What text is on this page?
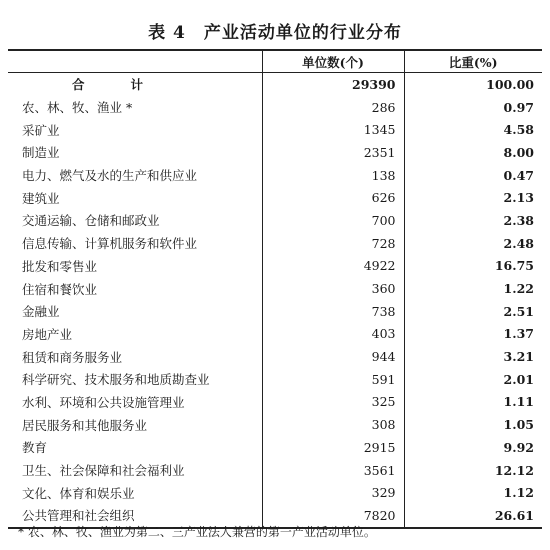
表 4 产业活动单位的行业分布
	单位数(个)	比重(%)
合 计	29390	100.00
农、林、牧、渔业 *	286	0.97
采矿业	1345	4.58
制造业	2351	8.00
电力、燃气及水的生产和供应业	138	0.47
建筑业	626	2.13
交通运输、仓储和邮政业	700	2.38
信息传输、计算机服务和软件业	728	2.48
批发和零售业	4922	16.75
住宿和餐饮业	360	1.22
金融业	738	2.51
房地产业	403	1.37
租赁和商务服务业	944	3.21
科学研究、技术服务和地质勘查业	591	2.01
水利、环境和公共设施管理业	325	1.11
居民服务和其他服务业	308	1.05
教育	2915	9.92
卫生、社会保障和社会福利业	3561	12.12
文化、体育和娱乐业	329	1.12
公共管理和社会组织	7820	26.61
* 农、林、牧、渔业为第二、三产业法人兼营的第一产业活动单位。
